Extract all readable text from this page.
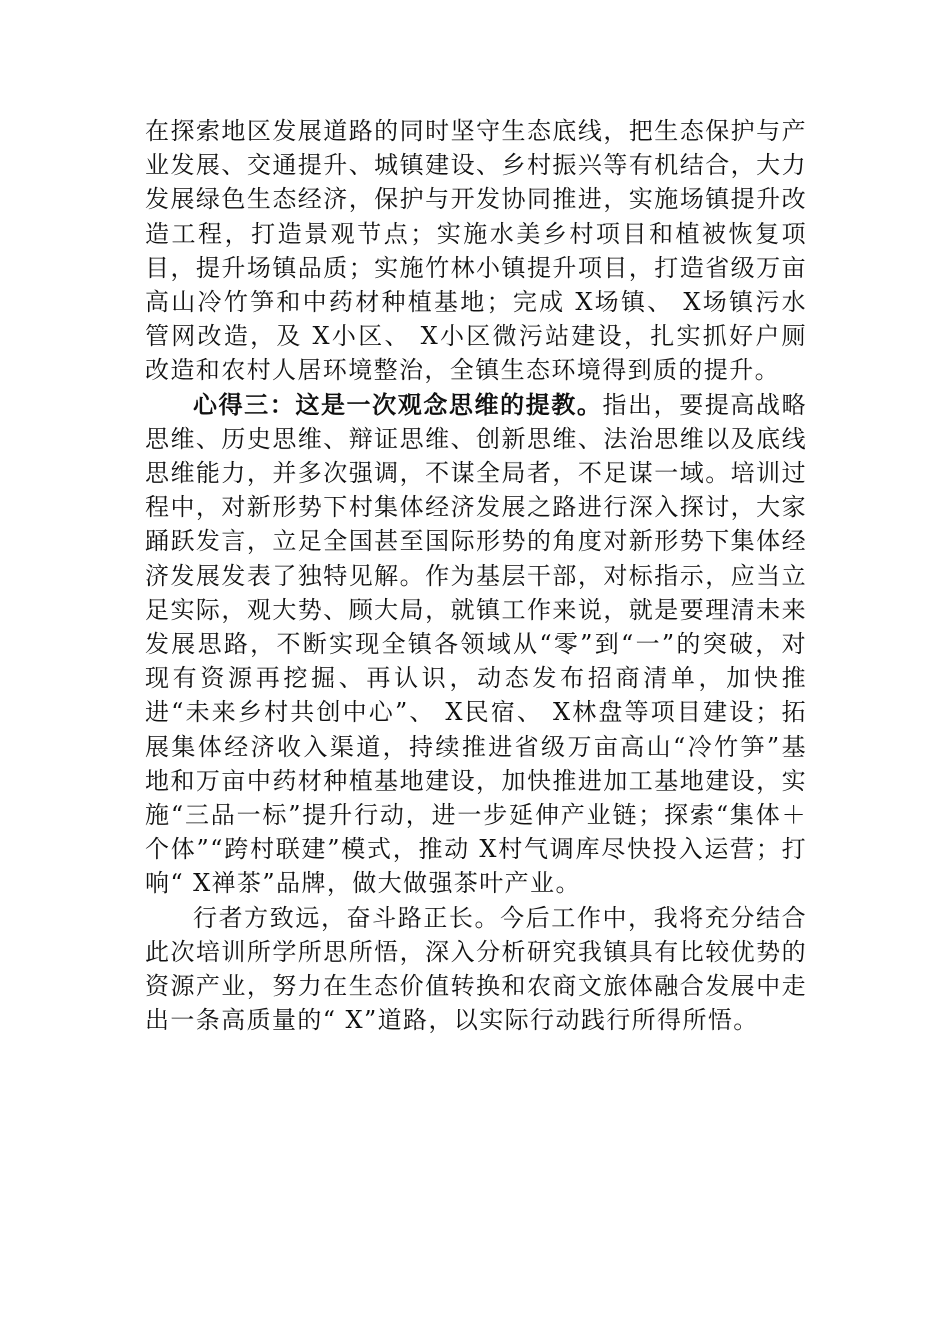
在探索地区发展道路的同时坚守生态底线，把生态保护与产业发展、交通提升、城镇建设、乡村振兴等有机结合，大力发展绿色生态经济，保护与开发协同推进，实施场镇提升改造工程，打造景观节点；实施水美乡村项目和植被恢复项目，提升场镇品质；实施竹林小镇提升项目，打造省级万亩高山冷竹笋和中药材种植基地；完成 X场镇、 X场镇污水管网改造，及 X小区、 X小区微污站建设，扎实抓好户厕改造和农村人居环境整治，全镇生态环境得到质的提升。

心得三：这是一次观念思维的提教。指出，要提高战略思维、历史思维、辩证思维、创新思维、法治思维以及底线思维能力，并多次强调，不谋全局者，不足谋一域。培训过程中，对新形势下村集体经济发展之路进行深入探讨，大家踊跃发言，立足全国甚至国际形势的角度对新形势下集体经济发展发表了独特见解。作为基层干部，对标指示，应当立足实际，观大势、顾大局，就镇工作来说，就是要理清未来发展思路，不断实现全镇各领域从“零”到“一”的突破，对现有资源再挖掘、再认识，动态发布招商清单，加快推进“未来乡村共创中心”、 X民宿、 X林盘等项目建设；拓展集体经济收入渠道，持续推进省级万亩高山“冷竹笋”基地和万亩中药材种植基地建设，加快推进加工基地建设，实施“三品一标”提升行动，进一步延伸产业链；探索“集体＋个体”“跨村联建”模式，推动 X村气调库尽快投入运营；打响“ X禅茶”品牌，做大做强茶叶产业。

行者方致远，奋斗路正长。今后工作中，我将充分结合此次培训所学所思所悟，深入分析研究我镇具有比较优势的资源产业，努力在生态价值转换和农商文旅体融合发展中走出一条高质量的“ X”道路，以实际行动践行所得所悟。
